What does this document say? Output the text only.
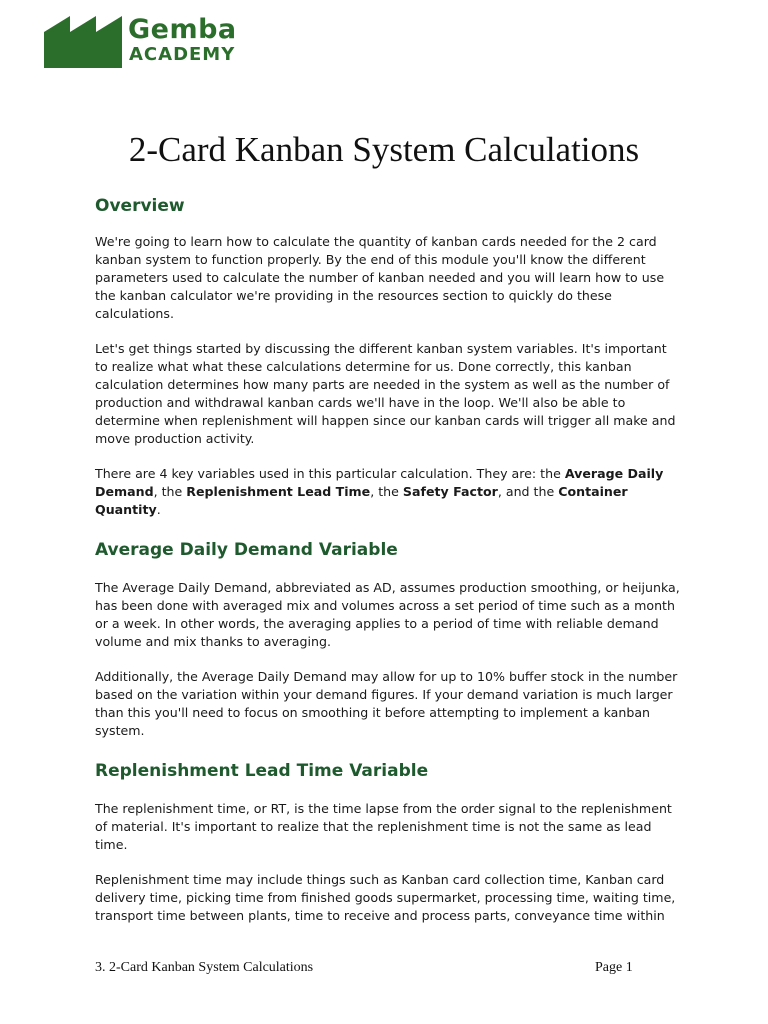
Gemba
ACADEMY
2-Card Kanban System Calculations
Overview

We're going to learn how to calculate the quantity of kanban cards needed for the 2 card kanban system to function properly. By the end of this module you'll know the different parameters used to calculate the number of kanban needed and you will learn how to use the kanban calculator we're providing in the resources section to quickly do these calculations.

Let's get things started by discussing the different kanban system variables. It's important to realize what what these calculations determine for us. Done correctly, this kanban calculation determines how many parts are needed in the system as well as the number of production and withdrawal kanban cards we'll have in the loop. We'll also be able to determine when replenishment will happen since our kanban cards will trigger all make and move production activity.

There are 4 key variables used in this particular calculation. They are: the Average Daily Demand, the Replenishment Lead Time, the Safety Factor, and the Container Quantity.

Average Daily Demand Variable

The Average Daily Demand, abbreviated as AD, assumes production smoothing, or heijunka, has been done with averaged mix and volumes across a set period of time such as a month or a week. In other words, the averaging applies to a period of time with reliable demand volume and mix thanks to averaging.

Additionally, the Average Daily Demand may allow for up to 10% buffer stock in the number based on the variation within your demand figures. If your demand variation is much larger than this you'll need to focus on smoothing it before attempting to implement a kanban system.

Replenishment Lead Time Variable

The replenishment time, or RT, is the time lapse from the order signal to the replenishment of material. It's important to realize that the replenishment time is not the same as lead time.

Replenishment time may include things such as Kanban card collection time, Kanban card delivery time, picking time from finished goods supermarket, processing time, waiting time, transport time between plants, time to receive and process parts, conveyance time within

3. 2-Card Kanban System Calculations	Page 1
